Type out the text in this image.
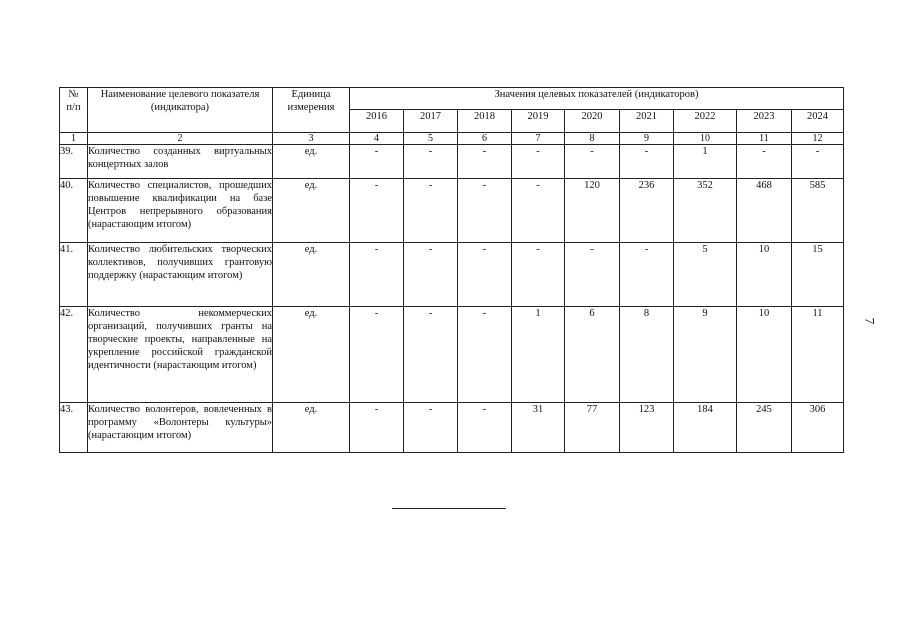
№
п/п	Наименование целевого показателя (индикатора)	Единица измерения	Значения целевых показателей (индикаторов)								
			2016	2017	2018	2019	2020	2021	2022	2023	2024
1	2	3	4	5	6	7	8	9	10	11	12
39.	Количество созданных виртуальных концертных залов	ед.	-	-	-	-	-	-	1	-	-
40.	Количество специалистов, прошедших повышение квалификации на базе Центров непрерывного образования (нарастающим итогом)	ед.	-	-	-	-	120	236	352	468	585
41.	Количество любительских творческих коллективов, получивших грантовую поддержку (нарастающим итогом)	ед.	-	-	-	-	-	-	5	10	15
42.	Количество некоммерческих организаций, получивших гранты на творческие проекты, направленные на укрепление российской гражданской идентичности (нарастающим итогом)	ед.	-	-	-	1	6	8	9	10	11
43.	Количество волонтеров, вовлеченных в программу «Волонтеры культуры» (нарастающим итогом)	ед.	-	-	-	31	77	123	184	245	306
7
